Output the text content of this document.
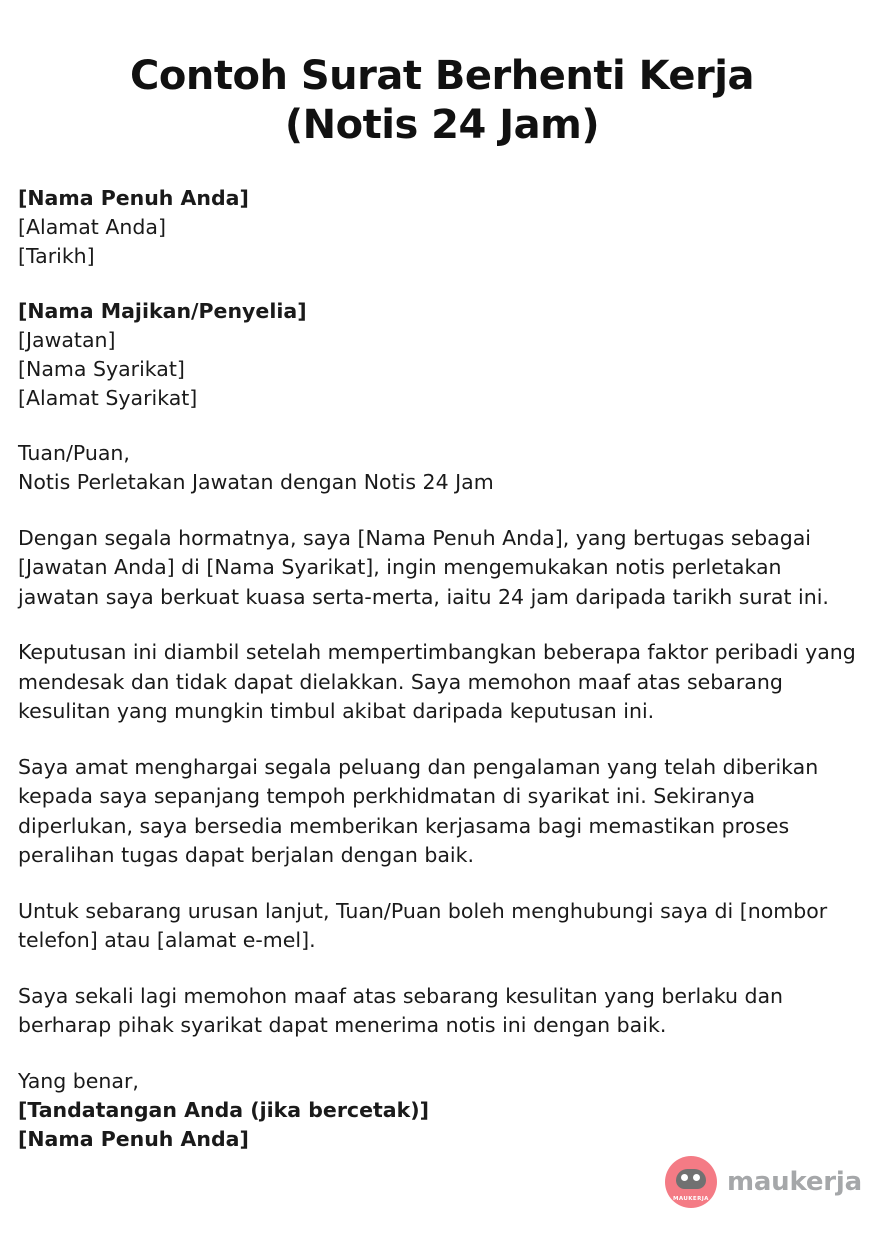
Contoh Surat Berhenti Kerja
(Notis 24 Jam)
[Nama Penuh Anda]
[Alamat Anda]
[Tarikh]
[Nama Majikan/Penyelia]
[Jawatan]
[Nama Syarikat]
[Alamat Syarikat]
Tuan/Puan,
Notis Perletakan Jawatan dengan Notis 24 Jam

Dengan segala hormatnya, saya [Nama Penuh Anda], yang bertugas sebagai [Jawatan Anda] di [Nama Syarikat], ingin mengemukakan notis perletakan jawatan saya berkuat kuasa serta-merta, iaitu 24 jam daripada tarikh surat ini.

Keputusan ini diambil setelah mempertimbangkan beberapa faktor peribadi yang mendesak dan tidak dapat dielakkan. Saya memohon maaf atas sebarang kesulitan yang mungkin timbul akibat daripada keputusan ini.

Saya amat menghargai segala peluang dan pengalaman yang telah diberikan kepada saya sepanjang tempoh perkhidmatan di syarikat ini. Sekiranya diperlukan, saya bersedia memberikan kerjasama bagi memastikan proses peralihan tugas dapat berjalan dengan baik.

Untuk sebarang urusan lanjut, Tuan/Puan boleh menghubungi saya di [nombor telefon] atau [alamat e-mel].

Saya sekali lagi memohon maaf atas sebarang kesulitan yang berlaku dan berharap pihak syarikat dapat menerima notis ini dengan baik.

Yang benar,
[Tandatangan Anda (jika bercetak)]
[Nama Penuh Anda]
MAUKERJA
maukerja
